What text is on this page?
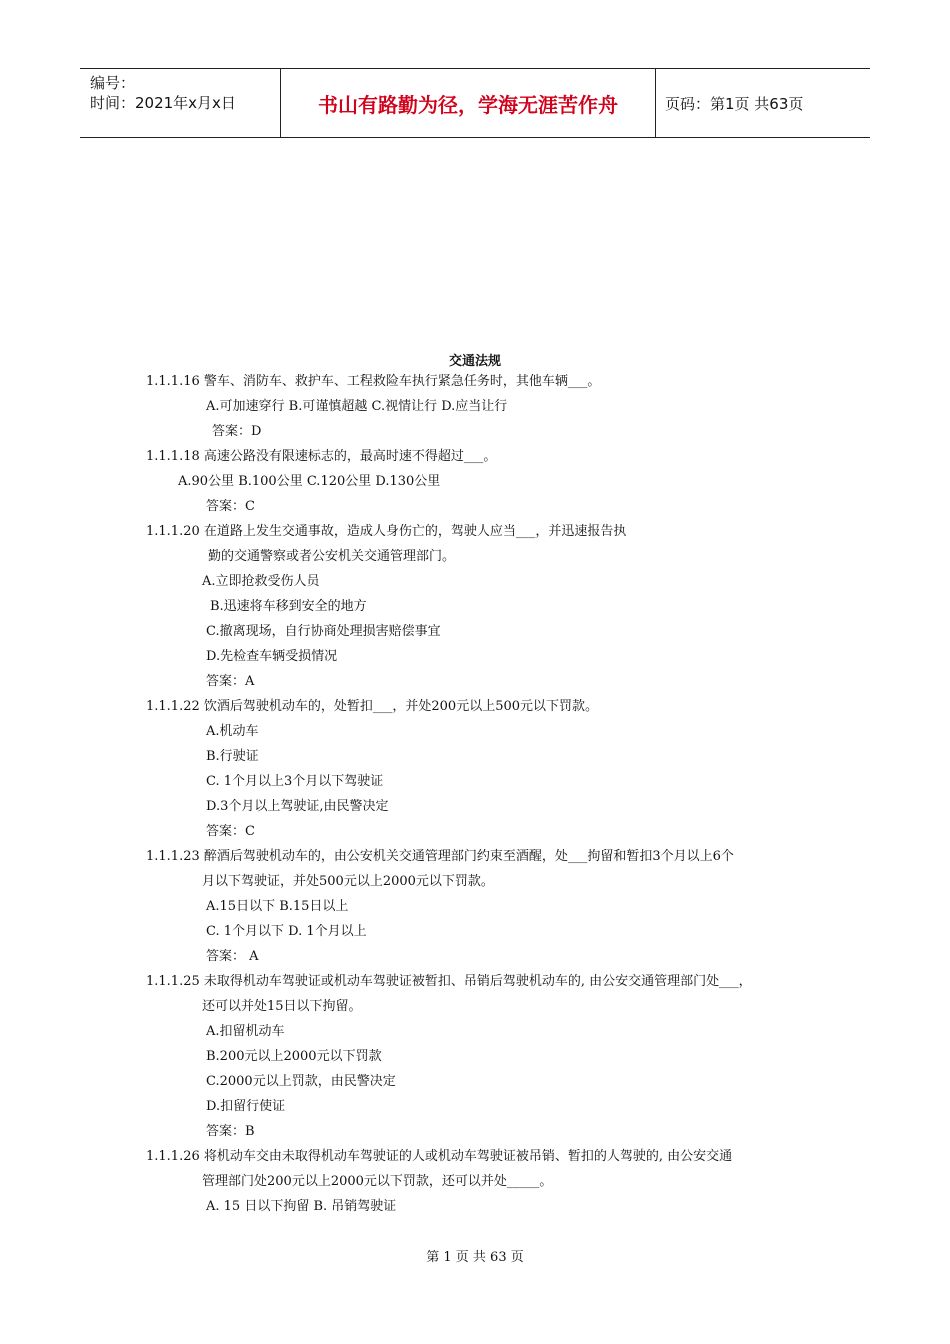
编号：
时间：2021年x月x日	书山有路勤为径，学海无涯苦作舟	页码：第1页 共63页
交通法规
1.1.1.16 警车、消防车、救护车、工程救险车执行紧急任务时，其他车辆___。
A.可加速穿行 B.可谨慎超越 C.视情让行 D.应当让行
答案：D
1.1.1.18 高速公路没有限速标志的，最高时速不得超过___。
A.90公里 B.100公里 C.120公里 D.130公里
答案：C
1.1.1.20 在道路上发生交通事故，造成人身伤亡的，驾驶人应当___，并迅速报告执
勤的交通警察或者公安机关交通管理部门。
A.立即抢救受伤人员
B.迅速将车移到安全的地方
C.撤离现场，自行协商处理损害赔偿事宜
D.先检查车辆受损情况
答案：A
1.1.1.22 饮酒后驾驶机动车的，处暂扣___，并处200元以上500元以下罚款。
A.机动车
B.行驶证
C. 1个月以上3个月以下驾驶证
D.3个月以上驾驶证,由民警决定
答案：C
1.1.1.23 醉酒后驾驶机动车的，由公安机关交通管理部门约束至酒醒，处___拘留和暂扣3个月以上6个
月以下驾驶证，并处500元以上2000元以下罚款。
A.15日以下 B.15日以上
C. 1个月以下 D. 1个月以上
答案： A
1.1.1.25 未取得机动车驾驶证或机动车驾驶证被暂扣、吊销后驾驶机动车的, 由公安交通管理部门处___，
还可以并处15日以下拘留。
A.扣留机动车
B.200元以上2000元以下罚款
C.2000元以上罚款，由民警决定
D.扣留行使证
答案：B
1.1.1.26 将机动车交由未取得机动车驾驶证的人或机动车驾驶证被吊销、暂扣的人驾驶的, 由公安交通
管理部门处200元以上2000元以下罚款，还可以并处_____。
A. 15 日以下拘留 B. 吊销驾驶证
第 1 页 共 63 页
